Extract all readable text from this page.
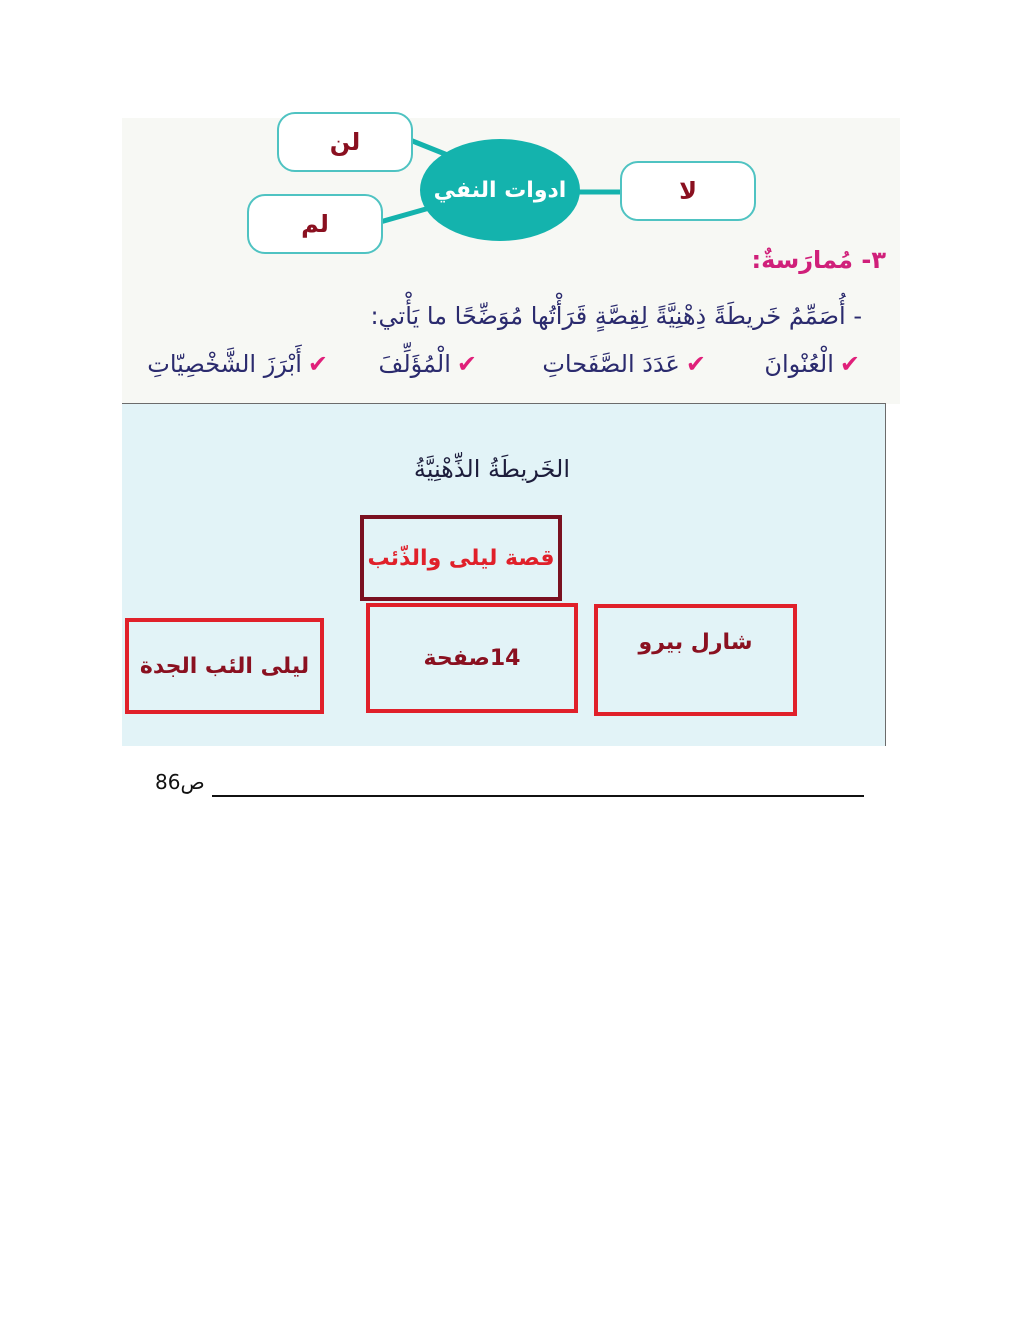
لن
لم
لا
ادوات النفي
٣- مُمارَسةٌ:
- أُصَمِّمُ خَريطَةً ذِهْنِيَّةً لِقِصَّةٍ قَرَأْتُها مُوَضِّحًا ما يَأْتي:
✔الْعُنْوانَ
✔عَدَدَ الصَّفَحاتِ
✔الْمُؤَلِّفَ
✔أَبْرَزَ الشَّخْصِيّاتِ
الخَريطَةُ الذِّهْنِيَّةُ
قصة ليلى والذّئب
شارل بيرو
14صفحة
ليلى الئب الجدة
ص86
